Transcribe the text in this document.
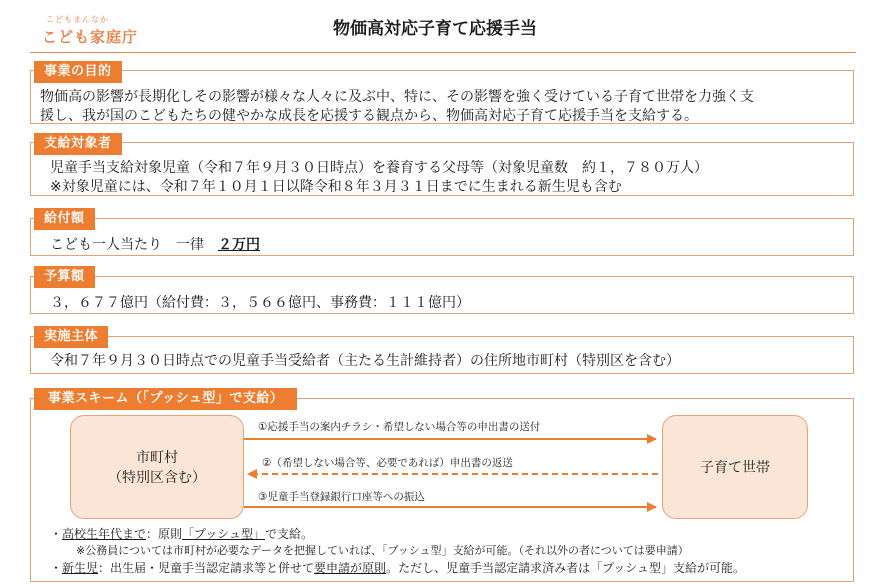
こどもまんなか
こども家庭庁	物価高対応子育て応援手当
事業の目的
物価高の影響が長期化しその影響が様々な人々に及ぶ中、特に、その影響を強く受けている子育て世帯を力強く支
援し、我が国のこどもたちの健やかな成長を応援する観点から、物価高対応子育て応援手当を支給する。
支給対象者
児童手当支給対象児童（令和７年９月３０日時点）を養育する父母等（対象児童数　約１，７８０万人）
※対象児童には、令和７年１０月１日以降令和８年３月３１日までに生まれる新生児も含む
給付額
こども一人当たり　一律　２万円
予算額
３，６７７億円（給付費：３，５６６億円、事務費：１１１億円）
実施主体
令和７年９月３０日時点での児童手当受給者（主たる生計維持者）の住所地市町村（特別区を含む）
事業スキーム（「プッシュ型」で支給）
市町村
（特別区含む）
子育て世帯
①応援手当の案内チラシ・希望しない場合等の申出書の送付
②（希望しない場合等、必要であれば）申出書の返送
③児童手当登録銀行口座等への振込
・高校生年代まで：原則「プッシュ型」で支給。
※公務員については市町村が必要なデータを把握していれば、「プッシュ型」支給が可能。（それ以外の者については要申請）
・新生児：出生届・児童手当認定請求等と併せて要申請が原則。ただし、児童手当認定請求済み者は「プッシュ型」支給が可能。
